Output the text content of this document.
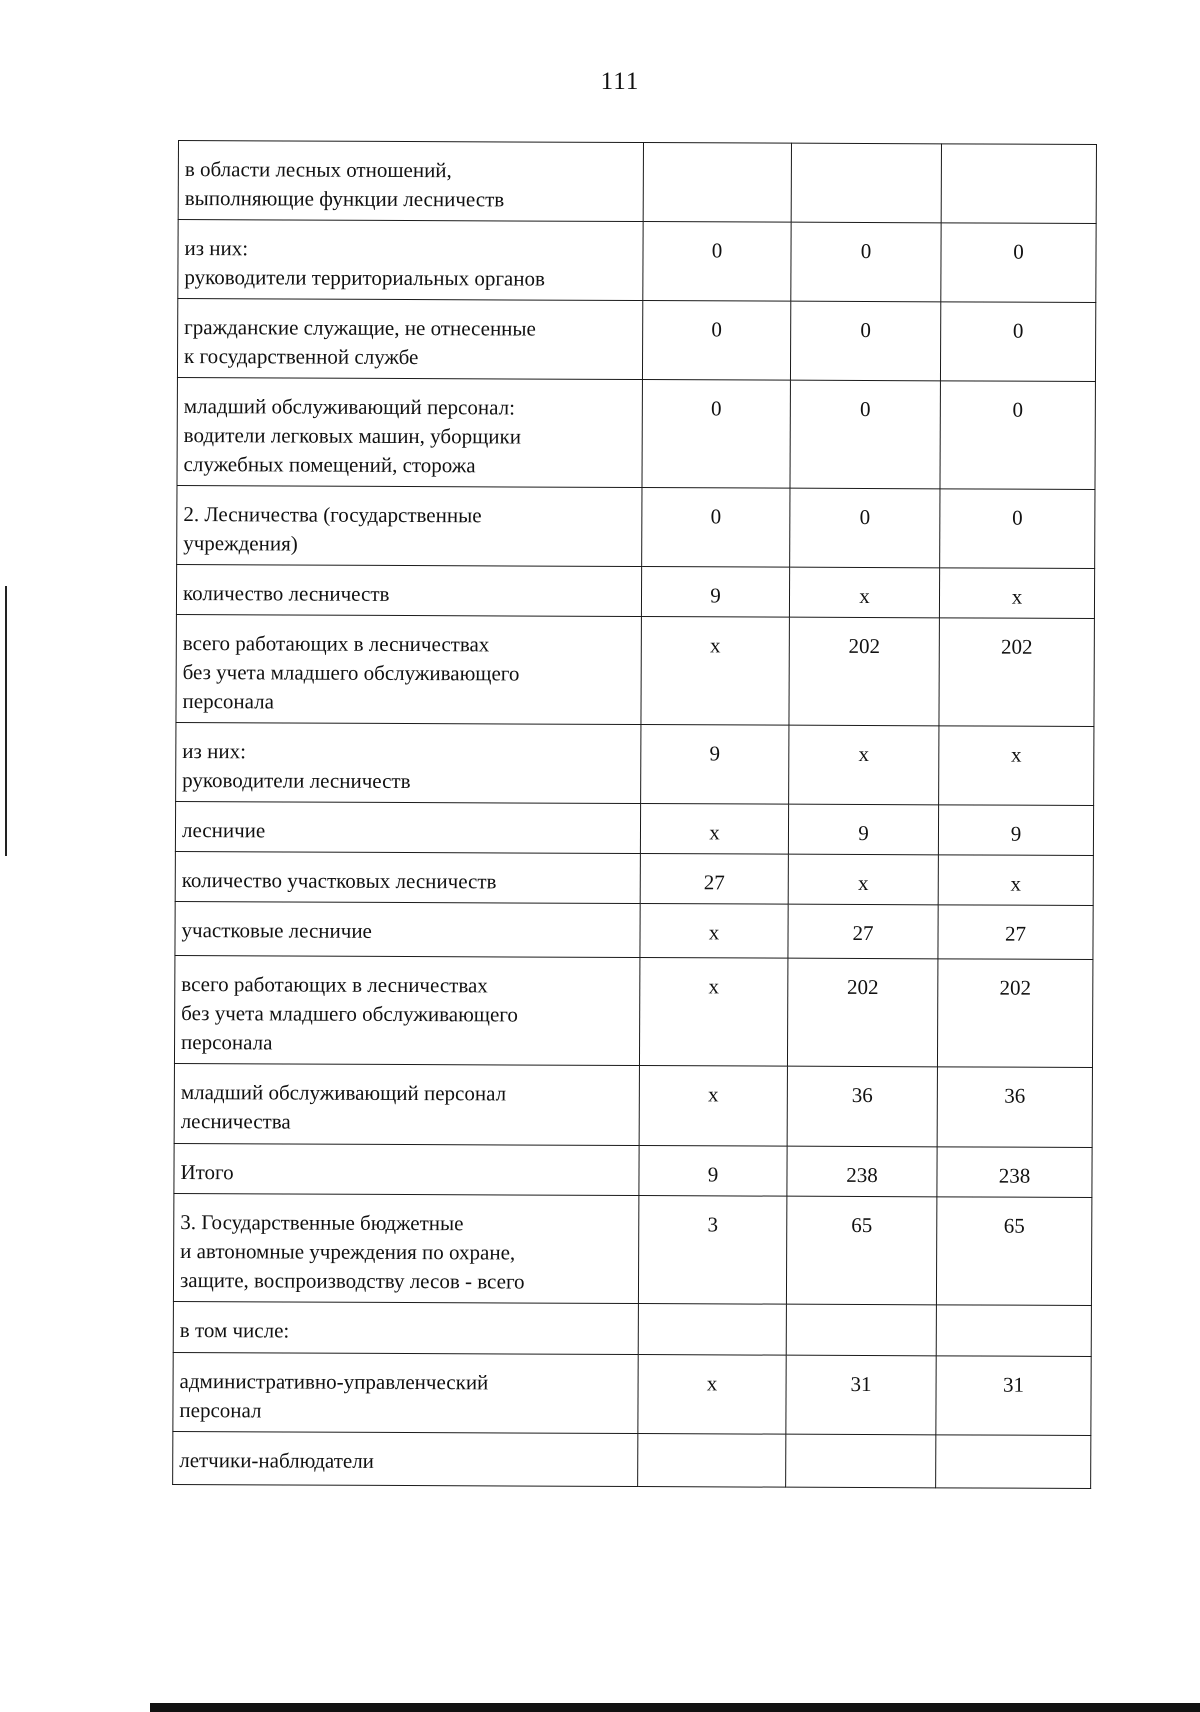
111
в области лесных отношений,
выполняющие функции лесничеств			

из них:
руководители территориальных органов	0	0	0

гражданские служащие, не отнесенные
к государственной службе	0	0	0

младший обслуживающий персонал:
водители легковых машин, уборщики
служебных помещений, сторожа	0	0	0

2. Лесничества (государственные
учреждения)	0	0	0

количество лесничеств	9	х	х

всего работающих в лесничествах
без учета младшего обслуживающего
персонала	х	202	202

из них:
руководители лесничеств	9	х	х

лесничие	х	9	9

количество участковых лесничеств	27	х	х

участковые лесничие	х	27	27

всего работающих в лесничествах
без учета младшего обслуживающего
персонала	х	202	202

младший обслуживающий персонал
лесничества	х	36	36

Итого	9	238	238

3. Государственные бюджетные
и автономные учреждения по охране,
защите, воспроизводству лесов - всего	3	65	65

в том числе:			

административно-управленческий
персонал	х	31	31

летчики-наблюдатели			
